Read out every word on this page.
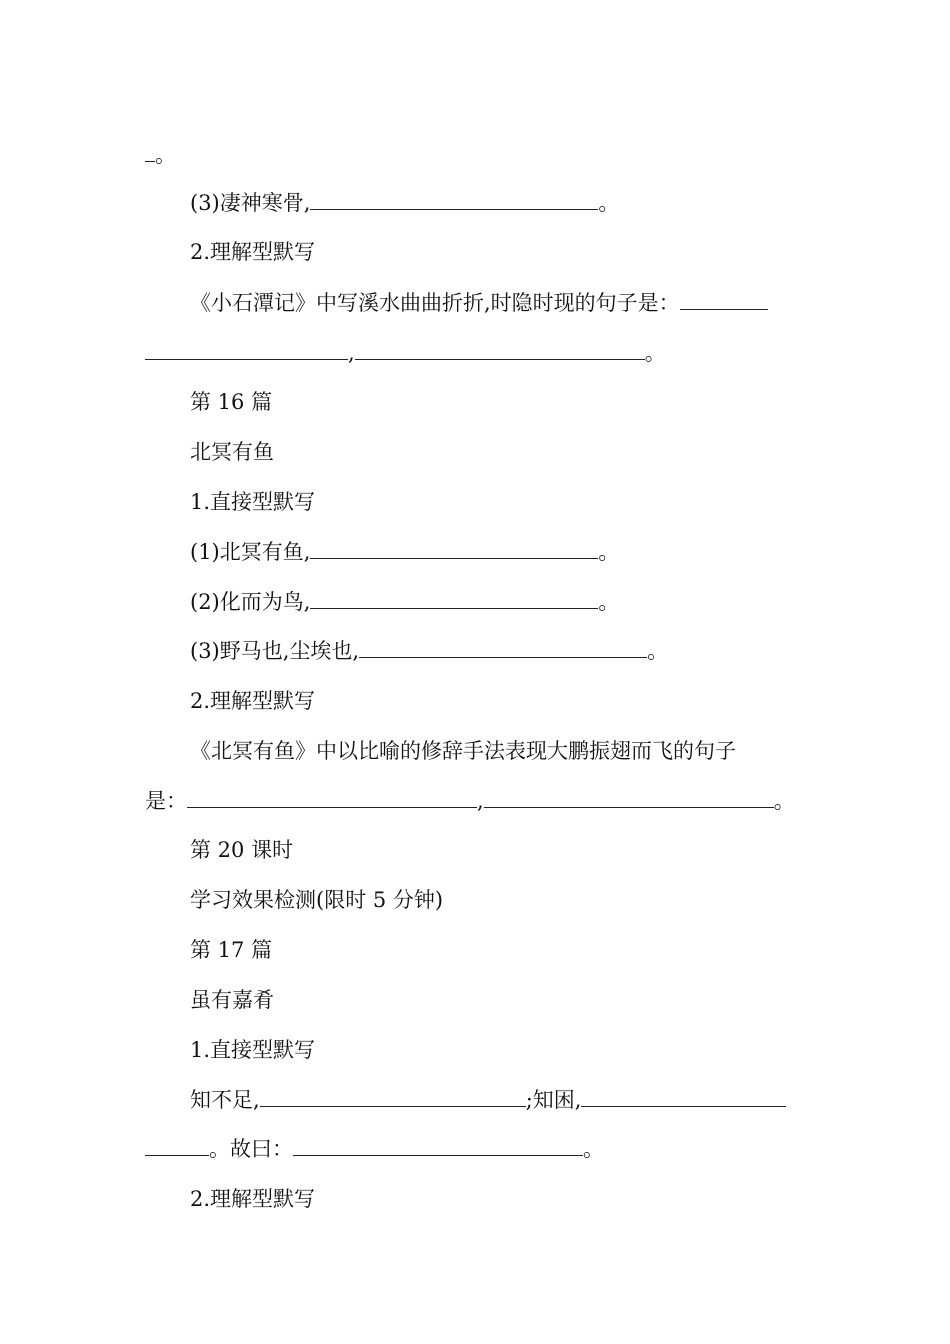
。
(3)凄神寒骨,	。
2.理解型默写
《小石潭记》中写溪水曲曲折折,时隐时现的句子是：
,	。
第 16 篇
北冥有鱼
1.直接型默写
(1)北冥有鱼,	。
(2)化而为鸟,	。
(3)野马也,尘埃也,	。
2.理解型默写
《北冥有鱼》中以比喻的修辞手法表现大鹏振翅而飞的句子
是：	,	。
第 20 课时
学习效果检测(限时 5 分钟)
第 17 篇
虽有嘉肴
1.直接型默写
知不足,	;知困,
。故曰：	。
2.理解型默写
